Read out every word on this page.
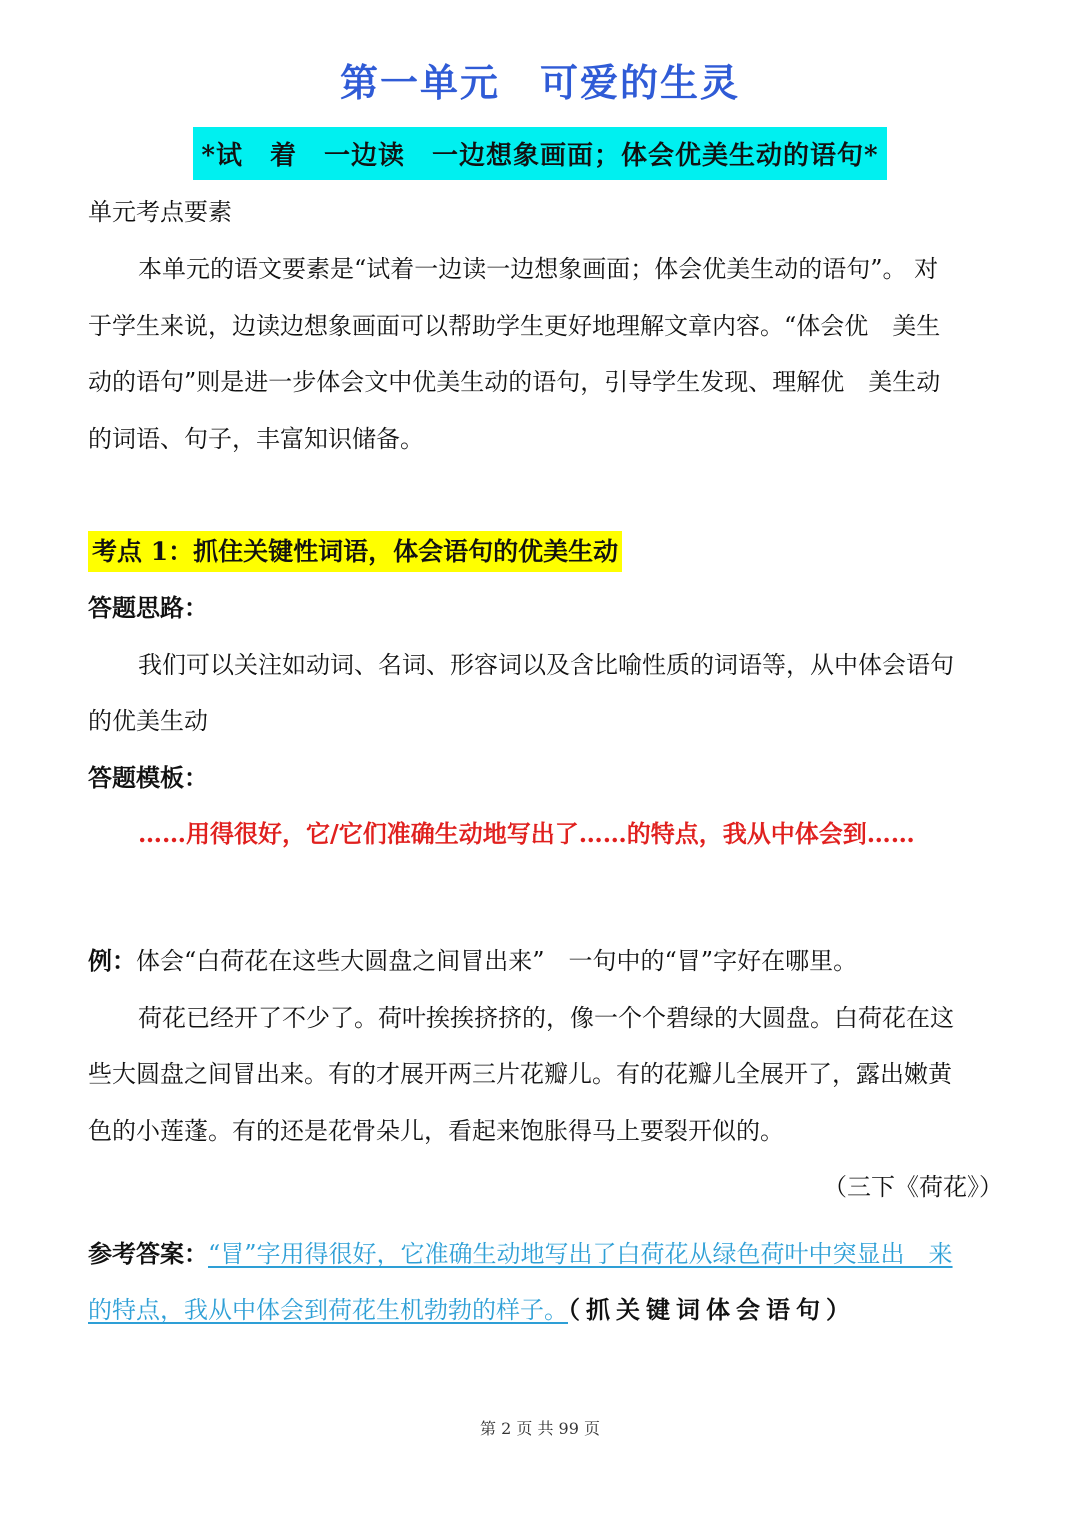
第一单元　可爱的生灵
*试　着　一边读　一边想象画面；体会优美生动的语句*
单元考点要素
本单元的语文要素是“试着一边读一边想象画面；体会优美生动的语句”。 对
于学生来说，边读边想象画面可以帮助学生更好地理解文章内容。“体会优　美生
动的语句”则是进一步体会文中优美生动的语句，引导学生发现、理解优　美生动
的词语、句子，丰富知识储备。
考点 1：抓住关键性词语，体会语句的优美生动
答题思路：
我们可以关注如动词、名词、形容词以及含比喻性质的词语等，从中体会语句
的优美生动
答题模板：
……用得很好，它/它们准确生动地写出了……的特点，我从中体会到……
例：体会“白荷花在这些大圆盘之间冒出来”　一句中的“冒”字好在哪里。
荷花已经开了不少了。荷叶挨挨挤挤的，像一个个碧绿的大圆盘。白荷花在这
些大圆盘之间冒出来。有的才展开两三片花瓣儿。有的花瓣儿全展开了，露出嫩黄
色的小莲蓬。有的还是花骨朵儿，看起来饱胀得马上要裂开似的。
（三下《荷花》）
参考答案：“冒”字用得很好，它准确生动地写出了白荷花从绿色荷叶中突显出　来
的特点，我从中体会到荷花生机勃勃的样子。（抓关键词体会语句）
第 2 页 共 99 页
